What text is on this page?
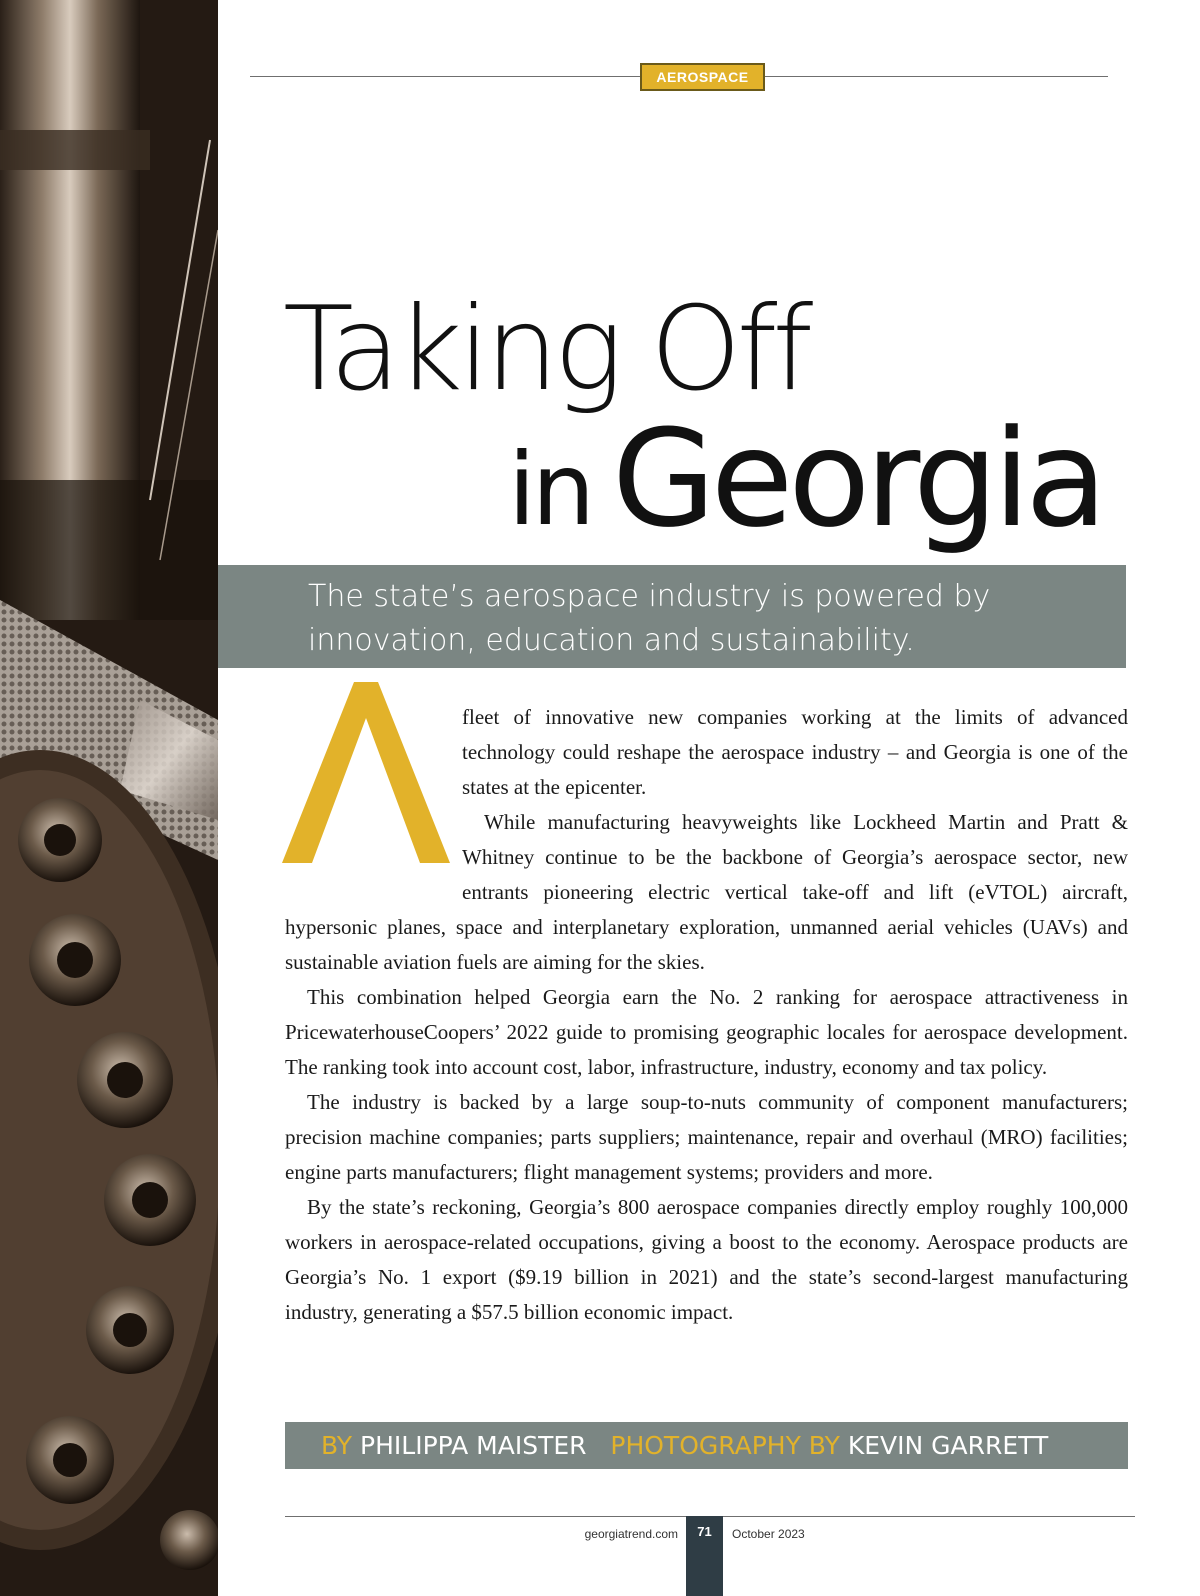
AEROSPACE
Taking Off
in Georgia
The state’s aerospace industry is powered by innovation, education and sustainability.

fleet of innovative new companies working at the limits of advanced technology could reshape the aerospace industry – and Georgia is one of the states at the epicenter.

While manufacturing heavyweights like Lockheed Martin and Pratt & Whitney continue to be the backbone of Georgia’s aerospace sector, new entrants pioneering electric vertical take-off and lift (eVTOL) aircraft, hypersonic planes, space and interplanetary exploration, unmanned aerial vehicles (UAVs) and sustainable aviation fuels are aiming for the skies.

This combination helped Georgia earn the No. 2 ranking for aerospace attractiveness in PricewaterhouseCoopers’ 2022 guide to promising geographic locales for aerospace development. The ranking took into account cost, labor, infrastructure, industry, economy and tax policy.

The industry is backed by a large soup-to-nuts community of component manufacturers; precision machine companies; parts suppliers; maintenance, repair and overhaul (MRO) facilities; engine parts manufacturers; flight management systems; providers and more.

By the state’s reckoning, Georgia’s 800 aerospace companies directly employ roughly 100,000 workers in aerospace-related occupations, giving a boost to the economy. Aerospace products are Georgia’s No. 1 export ($9.19 billion in 2021) and the state’s second-largest manufacturing industry, generating a $57.5 billion economic impact.

BY PHILIPPA MAISTER PHOTOGRAPHY BY KEVIN GARRETT
georgiatrend.com	71	October 2023
